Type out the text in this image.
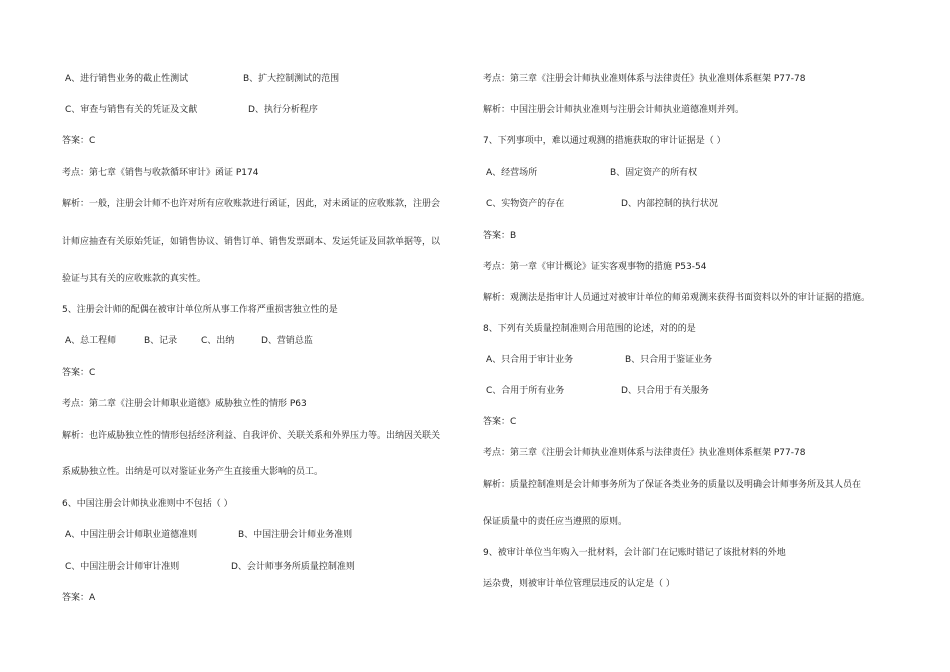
A、进行销售业务的截止性测试	B、扩大控制测试的范围
C、审查与销售有关的凭证及文献	D、执行分析程序
答案：C
考点：第七章《销售与收款循环审计》函证 P174
解析：一般，注册会计师不也许对所有应收账款进行函证，因此，对未函证的应收账款，注册会
计师应抽查有关原始凭证，如销售协议、销售订单、销售发票副本、发运凭证及回款单据等，以
验证与其有关的应收账款的真实性。
5、注册会计师的配偶在被审计单位所从事工作将严重损害独立性的是
A、总工程师	B、记录	C、出纳	D、营销总监
答案：C
考点：第二章《注册会计师职业道德》威胁独立性的情形 P63
解析：也许威胁独立性的情形包括经济利益、自我评价、关联关系和外界压力等。出纳因关联关
系威胁独立性。出纳是可以对鉴证业务产生直接重大影响的员工。
6、中国注册会计师执业准则中不包括（ ）
A、中国注册会计师职业道德准则	B、中国注册会计师业务准则
C、中国注册会计师审计准则	D、会计师事务所质量控制准则
答案：A
考点：第三章《注册会计师执业准则体系与法律责任》执业准则体系框架 P77-78
解析：中国注册会计师执业准则与注册会计师执业道德准则并列。
7、下列事项中，难以通过观测的措施获取的审计证据是（ ）
A、经营场所	B、固定资产的所有权
C、实物资产的存在	D、内部控制的执行状况
答案：B
考点：第一章《审计概论》证实客观事物的措施 P53-54
解析：观测法是指审计人员通过对被审计单位的师弟观测来获得书面资料以外的审计证据的措施。
8、下列有关质量控制准则合用范围的论述，对的的是
A、只合用于审计业务	B、只合用于鉴证业务
C、合用于所有业务	D、只合用于有关服务
答案：C
考点：第三章《注册会计师执业准则体系与法律责任》执业准则体系框架 P77-78
解析：质量控制准则是会计师事务所为了保证各类业务的质量以及明确会计师事务所及其人员在
保证质量中的责任应当遵照的原则。
9、被审计单位当年购入一批材料，会计部门在记账时错记了该批材料的外地
运杂费，则被审计单位管理层违反的认定是（ ）
